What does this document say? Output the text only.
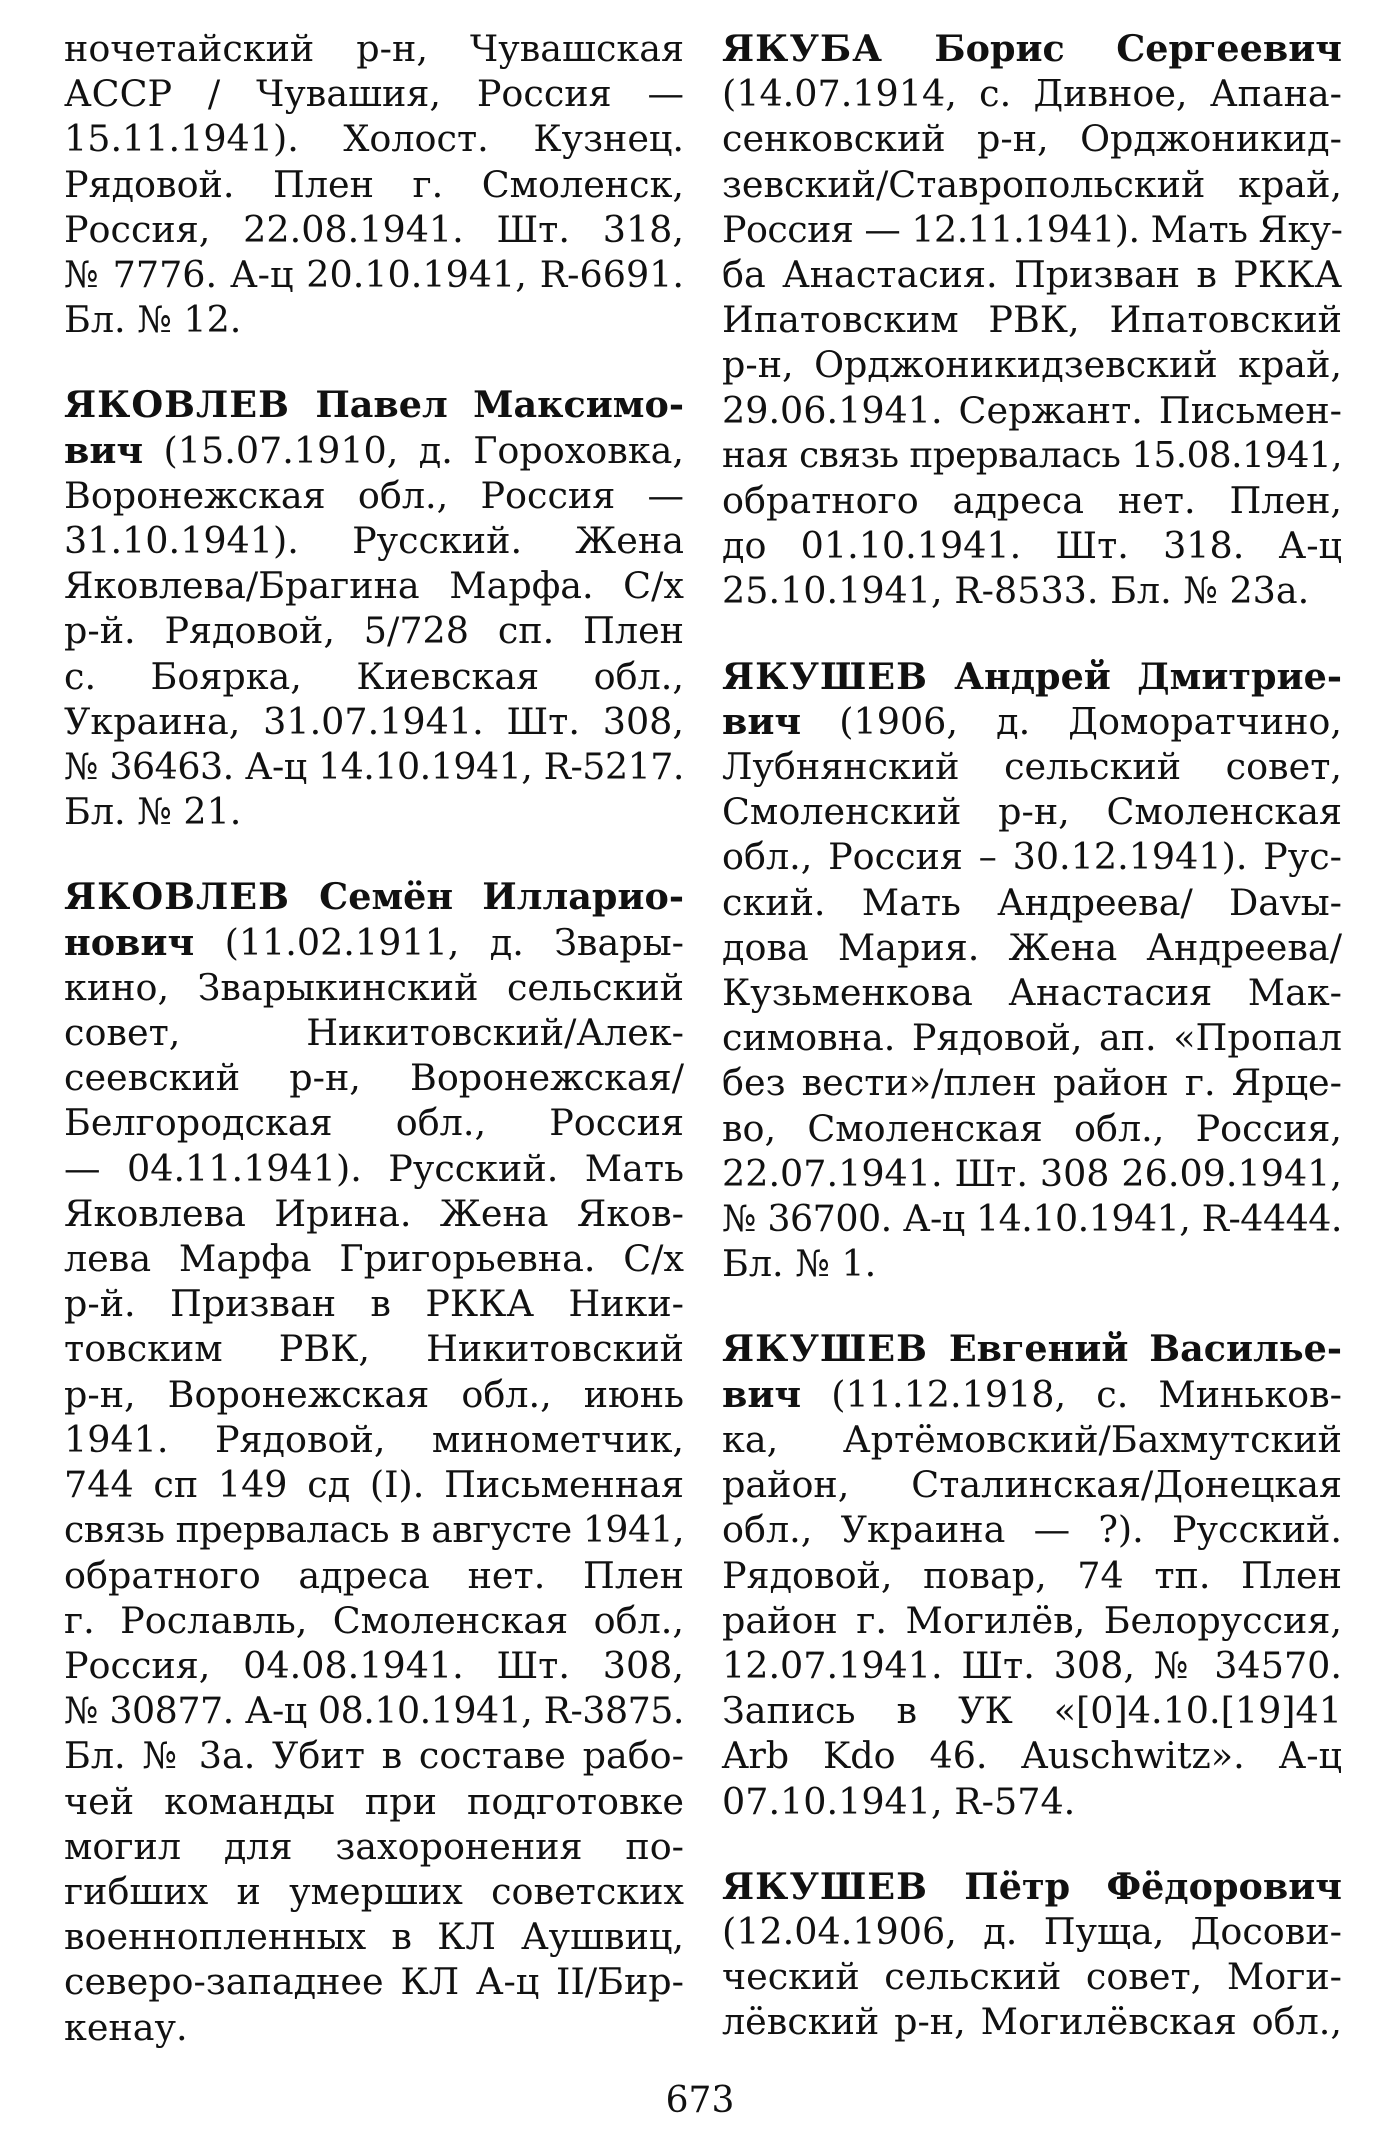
ночетайский р-н, Чувашская
АССР / Чувашия, Россия —
15.11.1941). Холост. Кузнец.
Рядовой. Плен г. Смоленск,
Россия, 22.08.1941. Шт. 318,
№ 7776. А-ц 20.10.1941, R-6691.
Бл. № 12.
ЯКОВЛЕВ Павел Максимо-
вич (15.07.1910, д. Гороховка,
Воронежская обл., Россия —
31.10.1941). Русский. Жена
Яковлева/Брагина Марфа. С/х
р-й. Рядовой, 5/728 сп. Плен
с. Боярка, Киевская обл.,
Украина, 31.07.1941. Шт. 308,
№ 36463. А-ц 14.10.1941, R-5217.
Бл. № 21.
ЯКОВЛЕВ Семён Илларио-
нович (11.02.1911, д. Звары-
кино, Зварыкинский сельский
совет, Никитовский/Алек-
сеевский р-н, Воронежская/
Белгородская обл., Россия
— 04.11.1941). Русский. Мать
Яковлева Ирина. Жена Яков-
лева Марфа Григорьевна. С/х
р-й. Призван в РККА Ники-
товским РВК, Никитовский
р-н, Воронежская обл., июнь
1941. Рядовой, минометчик,
744 сп 149 сд (I). Письменная
связь прервалась в августе 1941,
обратного адреса нет. Плен
г. Рославль, Смоленская обл.,
Россия, 04.08.1941. Шт. 308,
№ 30877. А-ц 08.10.1941, R-3875.
Бл. № 3а. Убит в составе рабо-
чей команды при подготовке
могил для захоронения по-
гибших и умерших советских
военнопленных в КЛ Аушвиц,
северо-западнее КЛ А-ц II/Бир-
кенау.
ЯКУБА Борис Сергеевич
(14.07.1914, с. Дивное, Апана-
сенковский р-н, Орджоникид-
зевский/Ставропольский край,
Россия — 12.11.1941). Мать Яку-
ба Анастасия. Призван в РККА
Ипатовским РВК, Ипатовский
р-н, Орджоникидзевский край,
29.06.1941. Сержант. Письмен-
ная связь прервалась 15.08.1941,
обратного адреса нет. Плен,
до 01.10.1941. Шт. 318. А-ц
25.10.1941, R-8533. Бл. № 23а.
ЯКУШЕВ Андрей Дмитрие-
вич (1906, д. Доморатчино,
Лубнянский сельский совет,
Смоленский р-н, Смоленская
обл., Россия – 30.12.1941). Рус-
ский. Мать Андреева/ Davы-
дова Мария. Жена Андреева/
Кузьменкова Анастасия Мак-
симовна. Рядовой, ап. «Пропал
без вести»/плен район г. Ярце-
во, Смоленская обл., Россия,
22.07.1941. Шт. 308 26.09.1941,
№ 36700. А-ц 14.10.1941, R-4444.
Бл. № 1.
ЯКУШЕВ Евгений Васильe-
вич (11.12.1918, с. Миньков-
ка, Артёмовский/Бахмутский
район, Сталинская/Донецкая
обл., Украина — ?). Русский.
Рядовой, повар, 74 тп. Плен
район г. Могилёв, Белоруссия,
12.07.1941. Шт. 308, № 34570.
Запись в УК «[0]4.10.[19]41
Arb Kdo 46. Auschwitz». А-ц
07.10.1941, R-574.
ЯКУШЕВ Пётр Фёдорович
(12.04.1906, д. Пуща, Досови-
ческий сельский совет, Моги-
лёвский р-н, Могилёвская обл.,
673
